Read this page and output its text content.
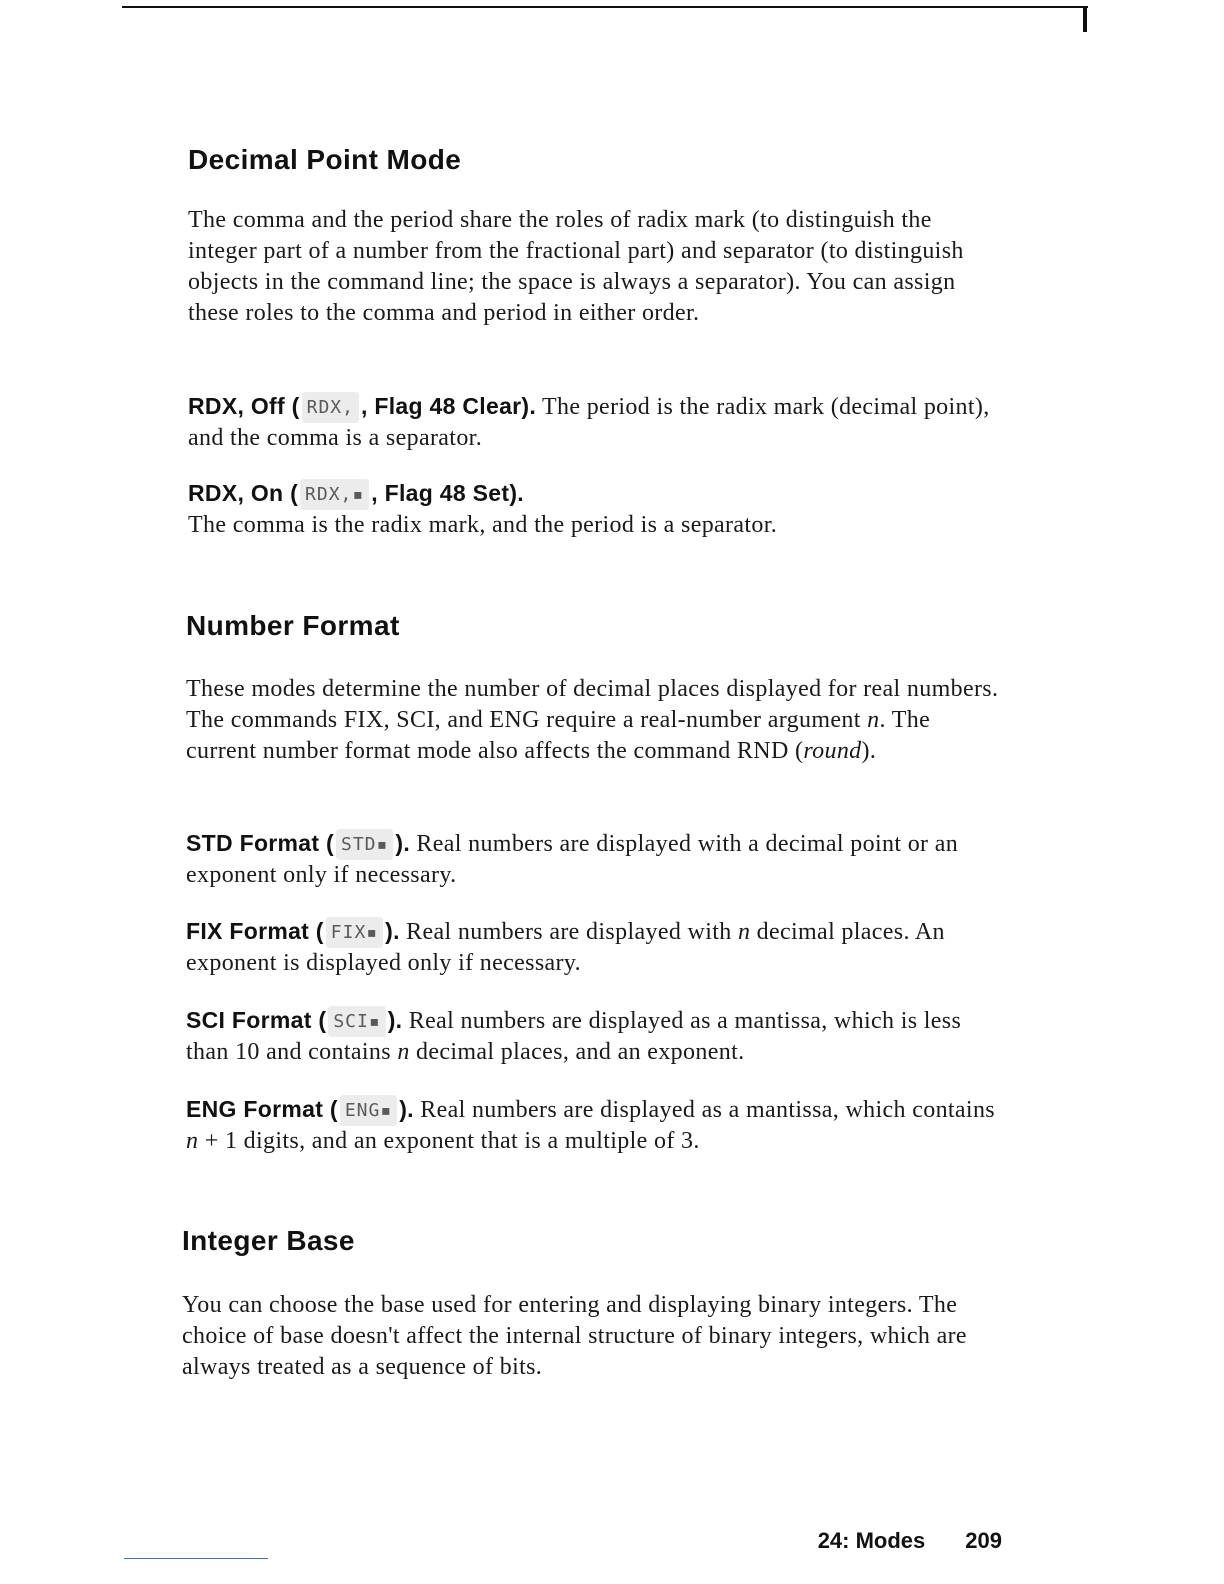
Decimal Point Mode

The comma and the period share the roles of radix mark (to distinguish the integer part of a number from the fractional part) and separator (to distinguish objects in the command line; the space is always a separator). You can assign these roles to the comma and period in either order.

RDX, Off ( RDX, , Flag 48 Clear). The period is the radix mark (decimal point), and the comma is a separator.

RDX, On ( RDX,▪ , Flag 48 Set).
The comma is the radix mark, and the period is a separator.

Number Format

These modes determine the number of decimal places displayed for real numbers. The commands FIX, SCI, and ENG require a real-number argument n. The current number format mode also affects the command RND (round).

STD Format ( STD▪ ). Real numbers are displayed with a decimal point or an exponent only if necessary.

FIX Format ( FIX▪ ). Real numbers are displayed with n decimal places. An exponent is displayed only if necessary.

SCI Format ( SCI▪ ). Real numbers are displayed as a mantissa, which is less than 10 and contains n decimal places, and an exponent.

ENG Format ( ENG▪ ). Real numbers are displayed as a mantissa, which contains n + 1 digits, and an exponent that is a multiple of 3.

Integer Base

You can choose the base used for entering and displaying binary integers. The choice of base doesn't affect the internal structure of binary integers, which are always treated as a sequence of bits.

24: Modes 209
